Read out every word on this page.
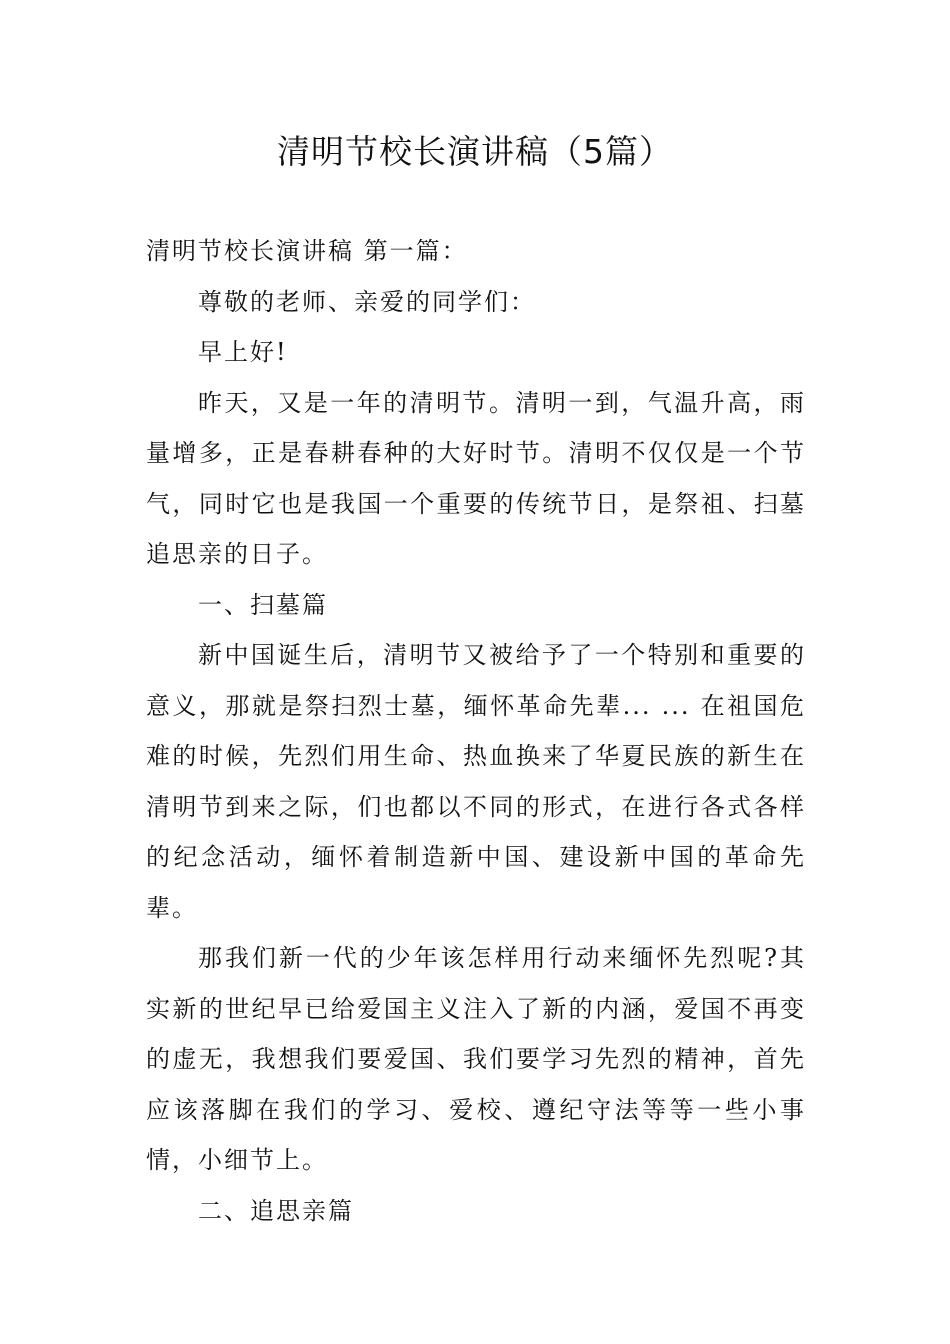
清明节校长演讲稿（5篇）

清明节校长演讲稿 第一篇：

尊敬的老师、亲爱的同学们：

早上好!

昨天，又是一年的清明节。清明一到，气温升高，雨量增多，正是春耕春种的大好时节。清明不仅仅是一个节气，同时它也是我国一个重要的传统节日，是祭祖、扫墓追思亲的日子。

一、扫墓篇

新中国诞生后，清明节又被给予了一个特别和重要的意义，那就是祭扫烈士墓，缅怀革命先辈... ... 在祖国危难的时候，先烈们用生命、热血换来了华夏民族的新生在清明节到来之际，们也都以不同的形式，在进行各式各样的纪念活动，缅怀着制造新中国、建设新中国的革命先辈。

那我们新一代的少年该怎样用行动来缅怀先烈呢?其实新的世纪早已给爱国主义注入了新的内涵，爱国不再变的虚无，我想我们要爱国、我们要学习先烈的精神，首先应该落脚在我们的学习、爱校、遵纪守法等等一些小事情，小细节上。

二、追思亲篇
